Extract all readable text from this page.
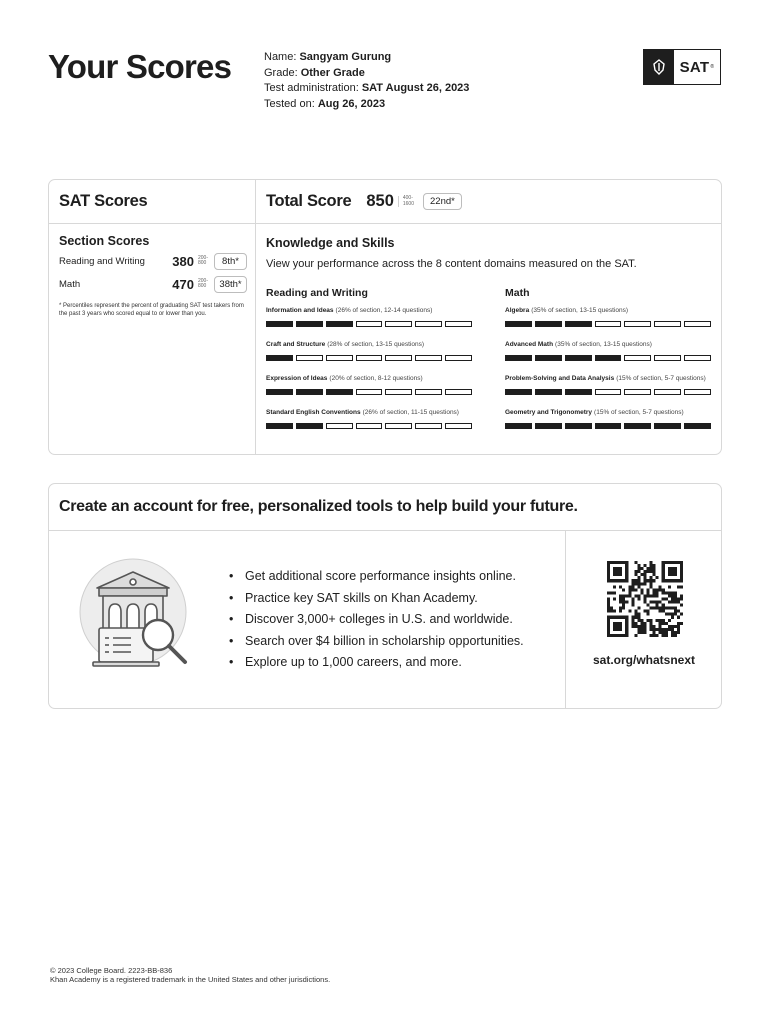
Your Scores	Name: Sangyam Gurung
Grade: Other Grade
Test administration: SAT August 26, 2023
Tested on: Aug 26, 2023
SAT ®
SAT Scores	Total Score 850	400-
1600	22nd*
Section Scores
Reading and Writing	380 200-
800	8th*
Math	470 200-
800	38th*
* Percentiles represent the percent of graduating SAT test takers from the past 3 years who scored equal to or lower than you.
Knowledge and Skills
View your performance across the 8 content domains measured on the SAT.
Reading and Writing	Math
Information and Ideas (26% of section, 12-14 questions)
Craft and Structure (28% of section, 13-15 questions)
Expression of Ideas (20% of section, 8-12 questions)
Standard English Conventions (26% of section, 11-15 questions)
Algebra (35% of section, 13-15 questions)
Advanced Math (35% of section, 13-15 questions)
Problem-Solving and Data Analysis (15% of section, 5-7 questions)
Geometry and Trigonometry (15% of section, 5-7 questions)
Create an account for free, personalized tools to help build your future.
• Get additional score performance insights online.
• Practice key SAT skills on Khan Academy.
• Discover 3,000+ colleges in U.S. and worldwide.
• Search over $4 billion in scholarship opportunities.
• Explore up to 1,000 careers, and more.	sat.org/whatsnext
© 2023 College Board. 2223-BB-836
Khan Academy is a registered trademark in the United States and other jurisdictions.
